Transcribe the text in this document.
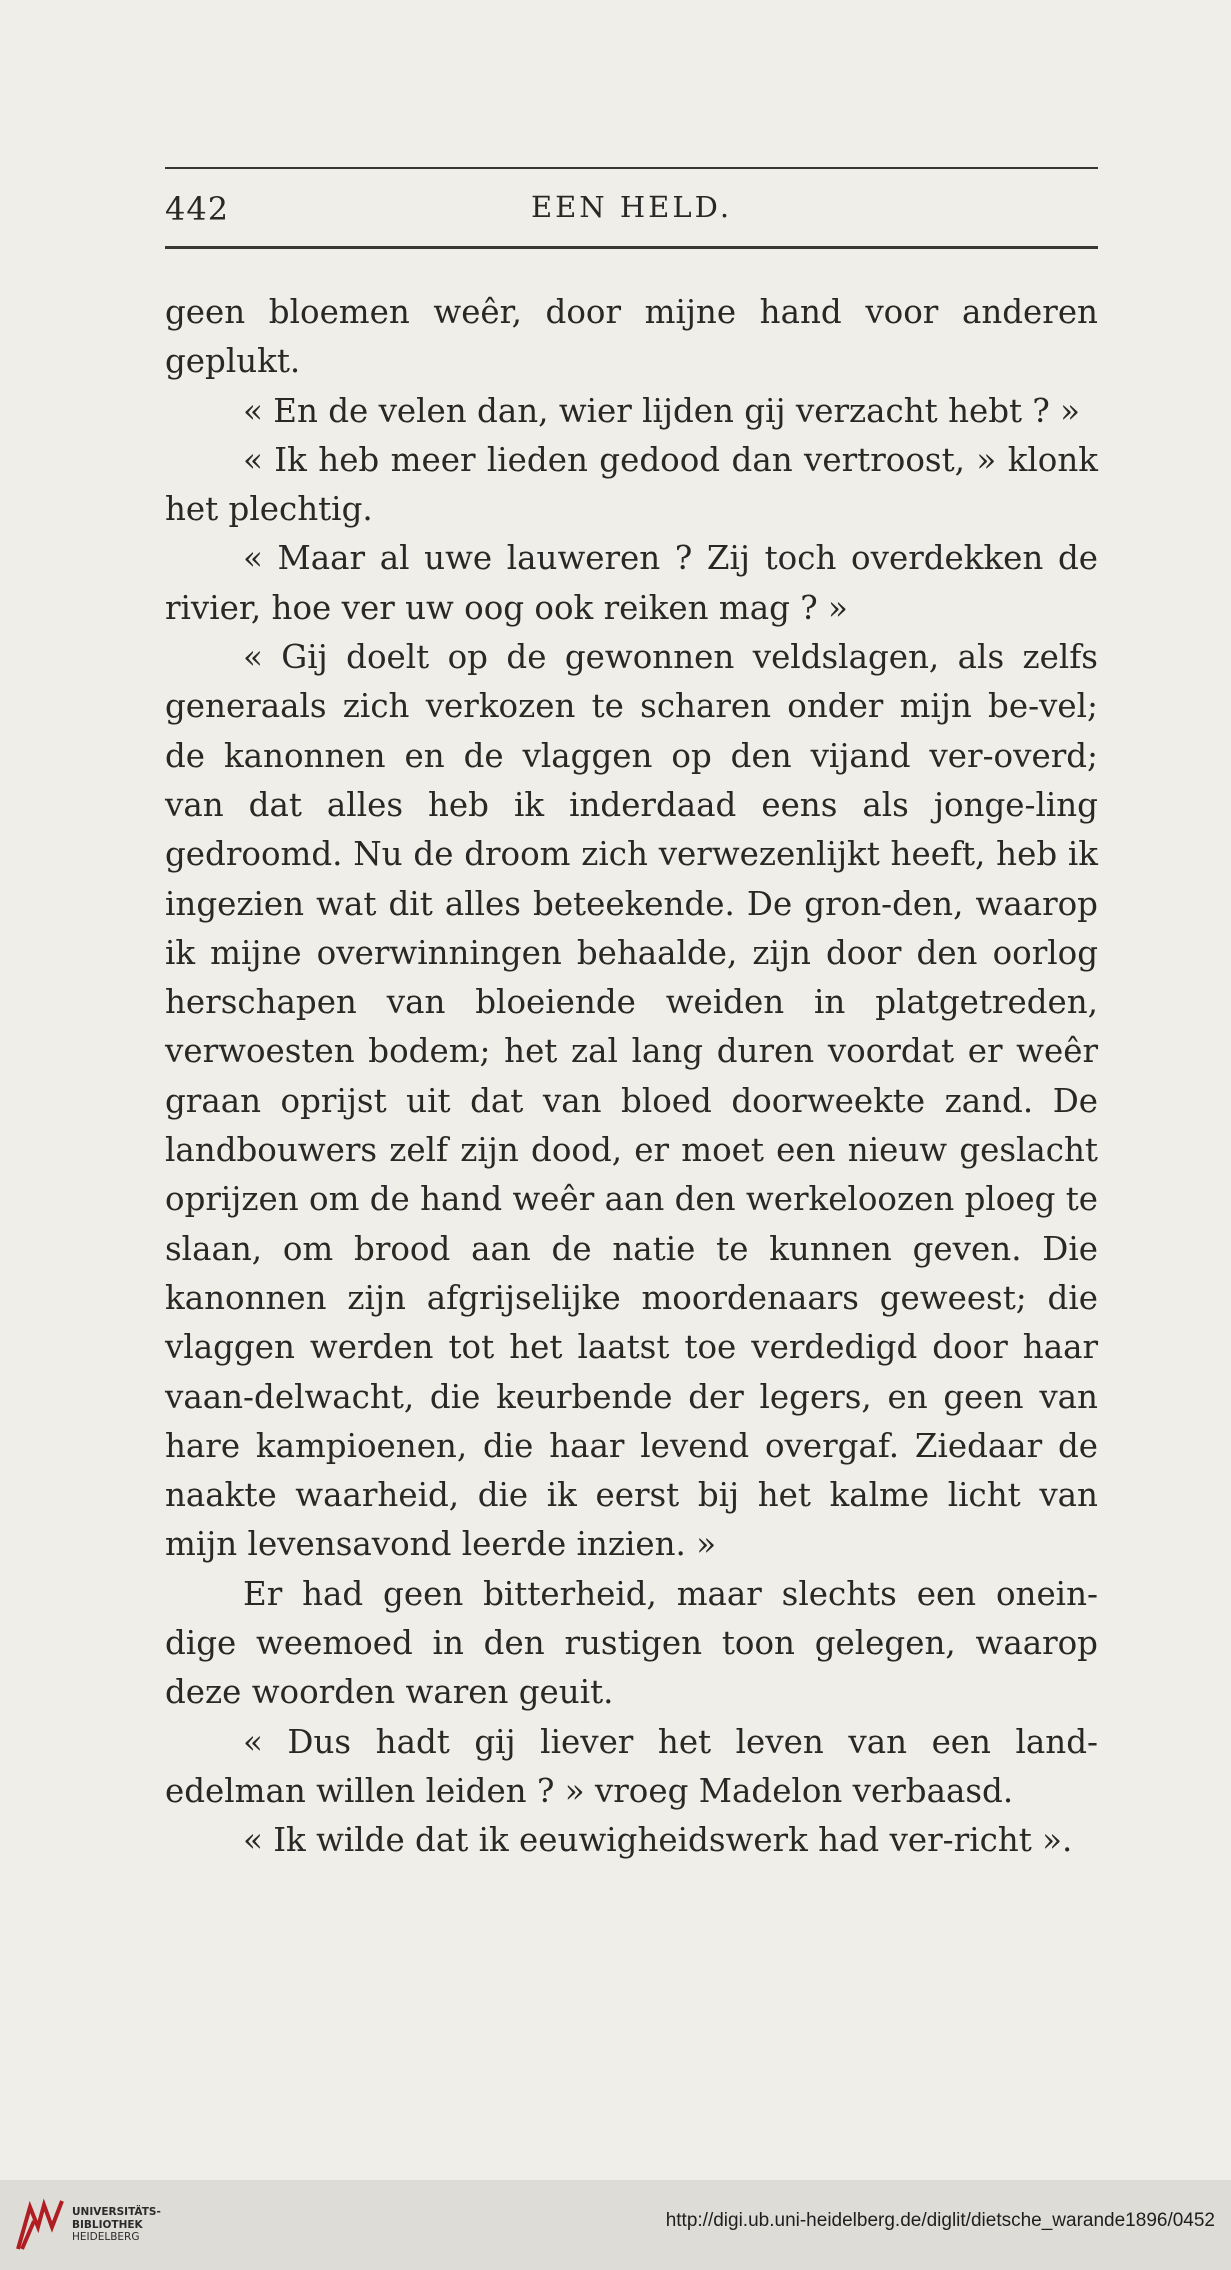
442	EEN HELD.

geen bloemen weêr, door mijne hand voor anderen geplukt.

« En de velen dan, wier lijden gij verzacht hebt ? »

« Ik heb meer lieden gedood dan vertroost, » klonk het plechtig.

« Maar al uwe lauweren ? Zij toch overdekken de rivier, hoe ver uw oog ook reiken mag ? »

« Gij doelt op de gewonnen veldslagen, als zelfs generaals zich verkozen te scharen onder mijn be-vel; de kanonnen en de vlaggen op den vijand ver-overd; van dat alles heb ik inderdaad eens als jonge-ling gedroomd. Nu de droom zich verwezenlijkt heeft, heb ik ingezien wat dit alles beteekende. De gron-den, waarop ik mijne overwinningen behaalde, zijn door den oorlog herschapen van bloeiende weiden in platgetreden, verwoesten bodem; het zal lang duren voordat er weêr graan oprijst uit dat van bloed doorweekte zand. De landbouwers zelf zijn dood, er moet een nieuw geslacht oprijzen om de hand weêr aan den werkeloozen ploeg te slaan, om brood aan de natie te kunnen geven. Die kanonnen zijn afgrijselijke moordenaars geweest; die vlaggen werden tot het laatst toe verdedigd door haar vaan-delwacht, die keurbende der legers, en geen van hare kampioenen, die haar levend overgaf. Ziedaar de naakte waarheid, die ik eerst bij het kalme licht van mijn levensavond leerde inzien. »

Er had geen bitterheid, maar slechts een onein-dige weemoed in den rustigen toon gelegen, waarop deze woorden waren geuit.

« Dus hadt gij liever het leven van een land-edelman willen leiden ? » vroeg Madelon verbaasd.

« Ik wilde dat ik eeuwigheidswerk had ver-richt ».

UNIVERSITÄTS-
BIBLIOTHEK
HEIDELBERG
http://digi.ub.uni-heidelberg.de/diglit/dietsche_warande1896/0452
